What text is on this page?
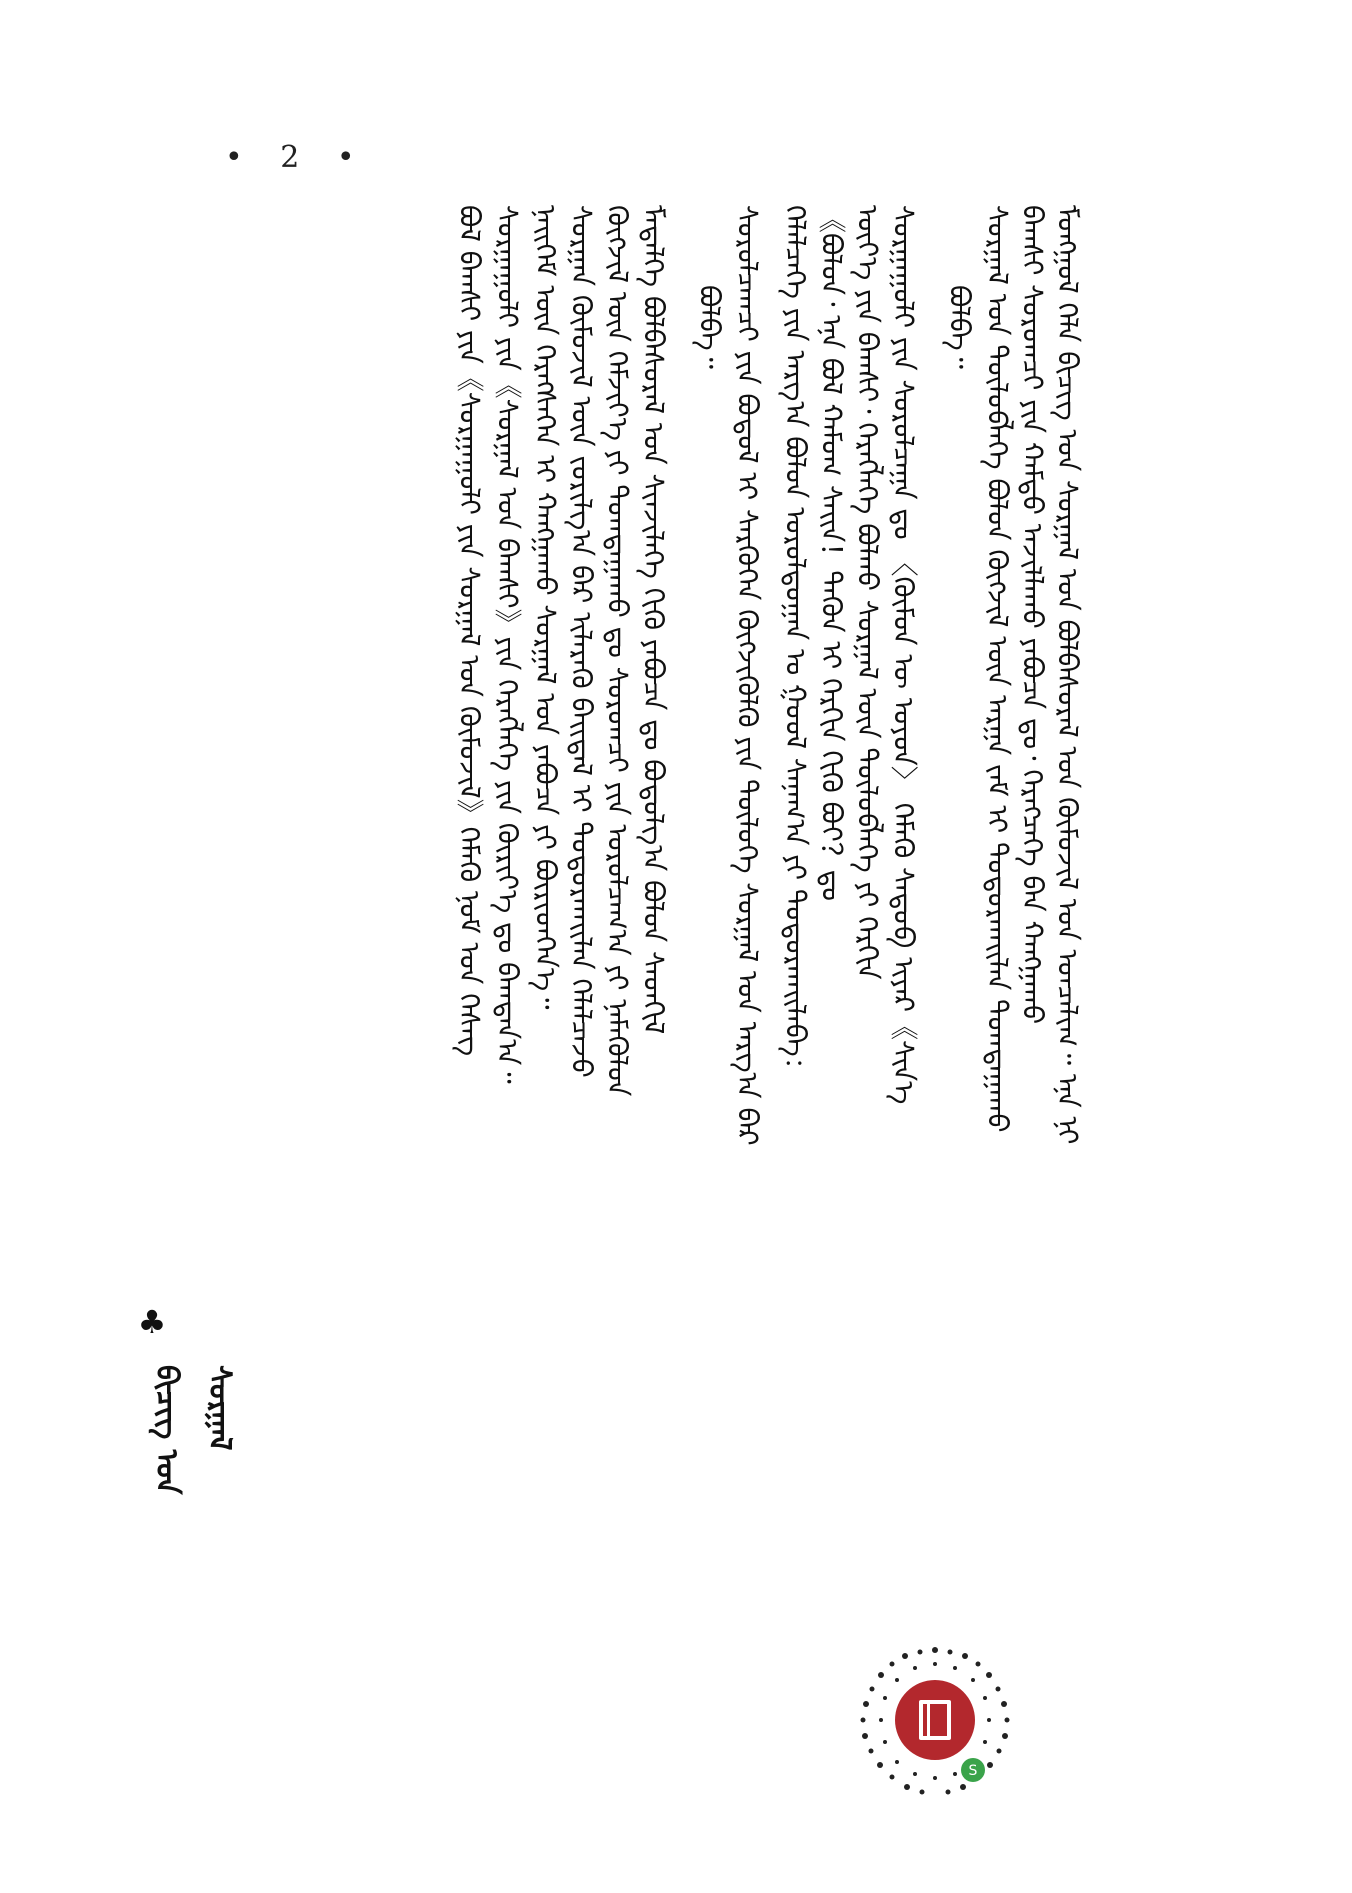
• 2 •
♣
ᠪᠢᠴᠢᠭ ᠤᠨ ᠰᠤᠷᠭᠠᠯ
ᠮᠣᠩᠭᠣᠯ ᠬᠡᠯᠡ ᠪᠢᠴᠢᠭ ᠤᠨ ᠰᠤᠷᠭᠠᠯ ᠤᠨ ᠪᠣᠯᠪᠠᠰᠤᠷᠠᠯ ᠤᠨ ᠬᠦᠮᠦᠵᠢᠯ ᠤᠨ ᠣᠨᠴᠠᠯᠢᠭ᠃ ᠡᠨᠡ ᠨᠢ
ᠪᠠᠭᠰᠢ ᠰᠤᠷᠤᠭᠴᠢ ᠶᠢᠨ ᠬᠠᠮᠲᠤ ᠠᠵᠢᠯᠯᠠᠬᠤ ᠶᠠᠪᠤᠴᠠ ᠳᠤ᠂ ᠬᠡᠷᠡᠭᠴᠡᠭᠡ ᠪᠠᠨ ᠬᠠᠩᠭᠠᠬᠤ
ᠰᠤᠷᠭᠠᠯ ᠤᠨ ᠲᠥᠯᠥᠪᠯᠡᠭᠡ ᠪᠣᠯᠤᠨ ᠬᠥᠭᠵᠢᠯ ᠦᠨ ᠠᠷᠭᠠ ᠵᠠᠮ ᠢ ᠲᠣᠳᠣᠷᠬᠠᠢᠯᠠᠨ ᠲᠣᠭᠲᠠᠭᠠᠬᠤ
ᠪᠣᠯᠪᠠ᠃
ᠰᠤᠷᠭᠠᠭᠤᠯᠢ ᠶᠢᠨ ᠰᠤᠷᠤᠯᠴᠠᠭᠠ ᠳᠤ 〈ᠬᠦᠮᠦᠨ ᠦ ᠣᠶᠤᠨ〉 ᠬᠡᠮᠡᠬᠦ ᠰᠡᠳᠦᠪ ᠢᠶᠡᠷ《ᠰᠢᠨ᠎ᠡ
ᠦᠶ᠎ᠡ ᠶᠢᠨ ᠪᠠᠭᠰᠢ᠂ ᠬᠡᠷᠡᠭᠯᠡᠭᠡ ᠪᠣᠯᠬᠤ ᠰᠤᠷᠭᠠᠯ ᠦᠨ ᠲᠥᠯᠥᠪᠯᠡᠭᠡ ᠶᠢ ᠬᠡᠷᠬᠢᠨ
《ᠪᠣᠯᠣᠨ᠂ ᠡᠨᠡ ᠪᠣᠯ ᠬᠠᠮᠤᠭ ᠰᠠᠢᠨ！ᠲᠡᠭᠦᠨ ᠢ ᠬᠡᠷᠬᠢᠨ ᠬᠢᠬᠦ ᠪᠤᠢ？ᠳᠤ
ᠬᠡᠯᠡᠯᠴᠡᠭᠡ ᠶᠢᠨ ᠠᠷᠭ᠎ᠠ ᠪᠣᠯᠤᠨ ᠤᠷᠤᠯᠳᠤᠭᠠᠨ ᠤ ᠭᠣᠣᠯ ᠰᠠᠨᠠᠭ᠎ᠠ ᠶᠢ ᠲᠣᠳᠣᠷᠬᠠᠢᠯᠠᠪᠠ：
ᠰᠤᠷᠤᠯᠴᠠᠭᠴᠢ ᠶᠢᠨ ᠪᠣᠳᠤᠯ ᠢ ᠰᠡᠷᠭᠦᠭᠡᠨ ᠬᠥᠭᠵᠢᠭᠦᠯᠬᠦ ᠶᠢᠨ ᠲᠥᠯᠥᠭᠡ ᠰᠤᠷᠭᠠᠯ ᠤᠨ ᠠᠷᠭ᠎ᠠ ᠪᠠᠷ
ᠪᠣᠯᠪᠠ᠃
ᠮᠡᠳᠡᠯᠭᠡ ᠪᠣᠯᠪᠠᠰᠤᠷᠠᠯ ᠤᠨ ᠰᠢᠨᠵᠢᠯᠡᠭᠡ ᠬᠢᠬᠦ ᠶᠠᠪᠤᠴᠠ ᠳᠤ ᠪᠣᠳᠣᠯᠭ᠎ᠠ ᠪᠣᠯᠤᠨ ᠰᠡᠳᠬᠢᠯ
ᠬᠥᠭᠵᠢᠯ ᠦᠨ ᠬᠡᠮᠵᠢᠶ᠎ᠡ ᠶᠢ ᠲᠣᠭᠲᠠᠭᠠᠬᠤ ᠳᠤ ᠰᠤᠷᠤᠭᠴᠢ ᠶᠢᠨ ᠣᠷᠤᠯᠴᠠᠭ᠎ᠠ ᠶᠢ ᠨᠡᠮᠡᠭᠦᠯᠦᠨ
ᠰᠤᠷᠭᠠᠨ ᠬᠥᠮᠦᠵᠢᠯ ᠦᠨ ᠵᠣᠷᠢᠯᠭ᠎ᠠ ᠪᠠᠷ ᠢᠯᠡᠷᠡᠬᠦ ᠪᠠᠢᠳᠠᠯ ᠢ ᠲᠣᠳᠣᠷᠬᠠᠢᠯᠠᠨ ᠬᠡᠯᠡᠯᠴᠡᠵᠦ
ᠨᠡᠢᠭᠡᠮ ᠦᠨ ᠬᠡᠷᠡᠭᠰᠡᠭᠡᠨ ᠢ ᠬᠠᠩᠭᠠᠬᠤ ᠰᠤᠷᠭᠠᠯ ᠤᠨ ᠶᠠᠪᠤᠴᠠ ᠶᠢ ᠪᠦᠷᠢᠳᠬᠡᠨ᠎ᠡ᠃
ᠰᠤᠷᠭᠠᠭᠤᠯᠢ ᠶᠢᠨ《ᠰᠤᠷᠭᠠᠯ ᠤᠨ ᠪᠠᠭᠰᠢ》ᠶᠢᠨ ᠬᠡᠷᠡᠭᠯᠡᠭᠡ ᠶᠢᠨ ᠬᠦᠷᠢᠶ᠎ᠡ ᠳᠤ ᠪᠠᠭᠲᠠᠨ᠎ᠠ᠃
ᠪᠣᠯ ᠪᠠᠭᠰᠢ ᠶᠢᠨ《ᠰᠤᠷᠭᠠᠭᠤᠯᠢ ᠶᠢᠨ ᠰᠤᠷᠭᠠᠯ ᠤᠨ ᠬᠥᠮᠦᠵᠢᠯ》ᠬᠡᠮᠡᠬᠦ ᠨᠣᠮ ᠤᠨ ᠬᠡᠰᠡᠭ
S
